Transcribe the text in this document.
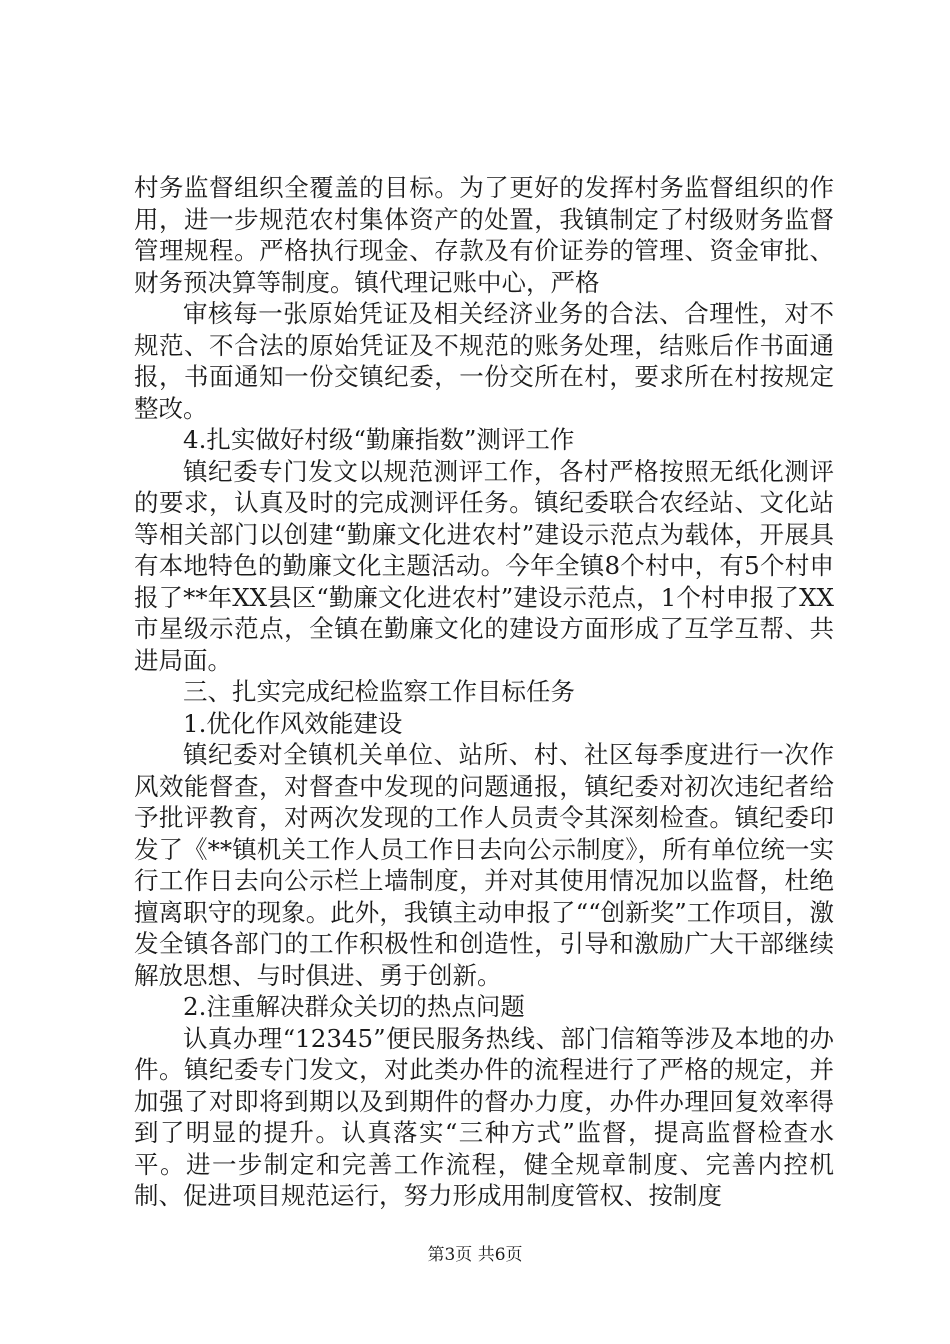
村务监督组织全覆盖的目标。为了更好的发挥村务监督组织的作用，进一步规范农村集体资产的处置，我镇制定了村级财务监督管理规程。严格执行现金、存款及有价证券的管理、资金审批、财务预决算等制度。镇代理记账中心，严格

审核每一张原始凭证及相关经济业务的合法、合理性，对不规范、不合法的原始凭证及不规范的账务处理，结账后作书面通报，书面通知一份交镇纪委，一份交所在村，要求所在村按规定整改。

4.扎实做好村级“勤廉指数”测评工作

镇纪委专门发文以规范测评工作，各村严格按照无纸化测评的要求，认真及时的完成测评任务。镇纪委联合农经站、文化站等相关部门以创建“勤廉文化进农村”建设示范点为载体，开展具有本地特色的勤廉文化主题活动。今年全镇8个村中，有5个村申报了**年XX县区“勤廉文化进农村”建设示范点，1个村申报了XX市星级示范点，全镇在勤廉文化的建设方面形成了互学互帮、共进局面。

三、扎实完成纪检监察工作目标任务

1.优化作风效能建设

镇纪委对全镇机关单位、站所、村、社区每季度进行一次作风效能督查，对督查中发现的问题通报，镇纪委对初次违纪者给予批评教育，对两次发现的工作人员责令其深刻检查。镇纪委印发了《**镇机关工作人员工作日去向公示制度》，所有单位统一实行工作日去向公示栏上墙制度，并对其使用情况加以监督，杜绝擅离职守的现象。此外，我镇主动申报了““创新奖”工作项目，激发全镇各部门的工作积极性和创造性，引导和激励广大干部继续解放思想、与时俱进、勇于创新。

2.注重解决群众关切的热点问题

认真办理“12345”便民服务热线、部门信箱等涉及本地的办件。镇纪委专门发文，对此类办件的流程进行了严格的规定，并加强了对即将到期以及到期件的督办力度，办件办理回复效率得到了明显的提升。认真落实“三种方式”监督，提高监督检查水平。进一步制定和完善工作流程，健全规章制度、完善内控机制、促进项目规范运行，努力形成用制度管权、按制度

第3页 共6页
